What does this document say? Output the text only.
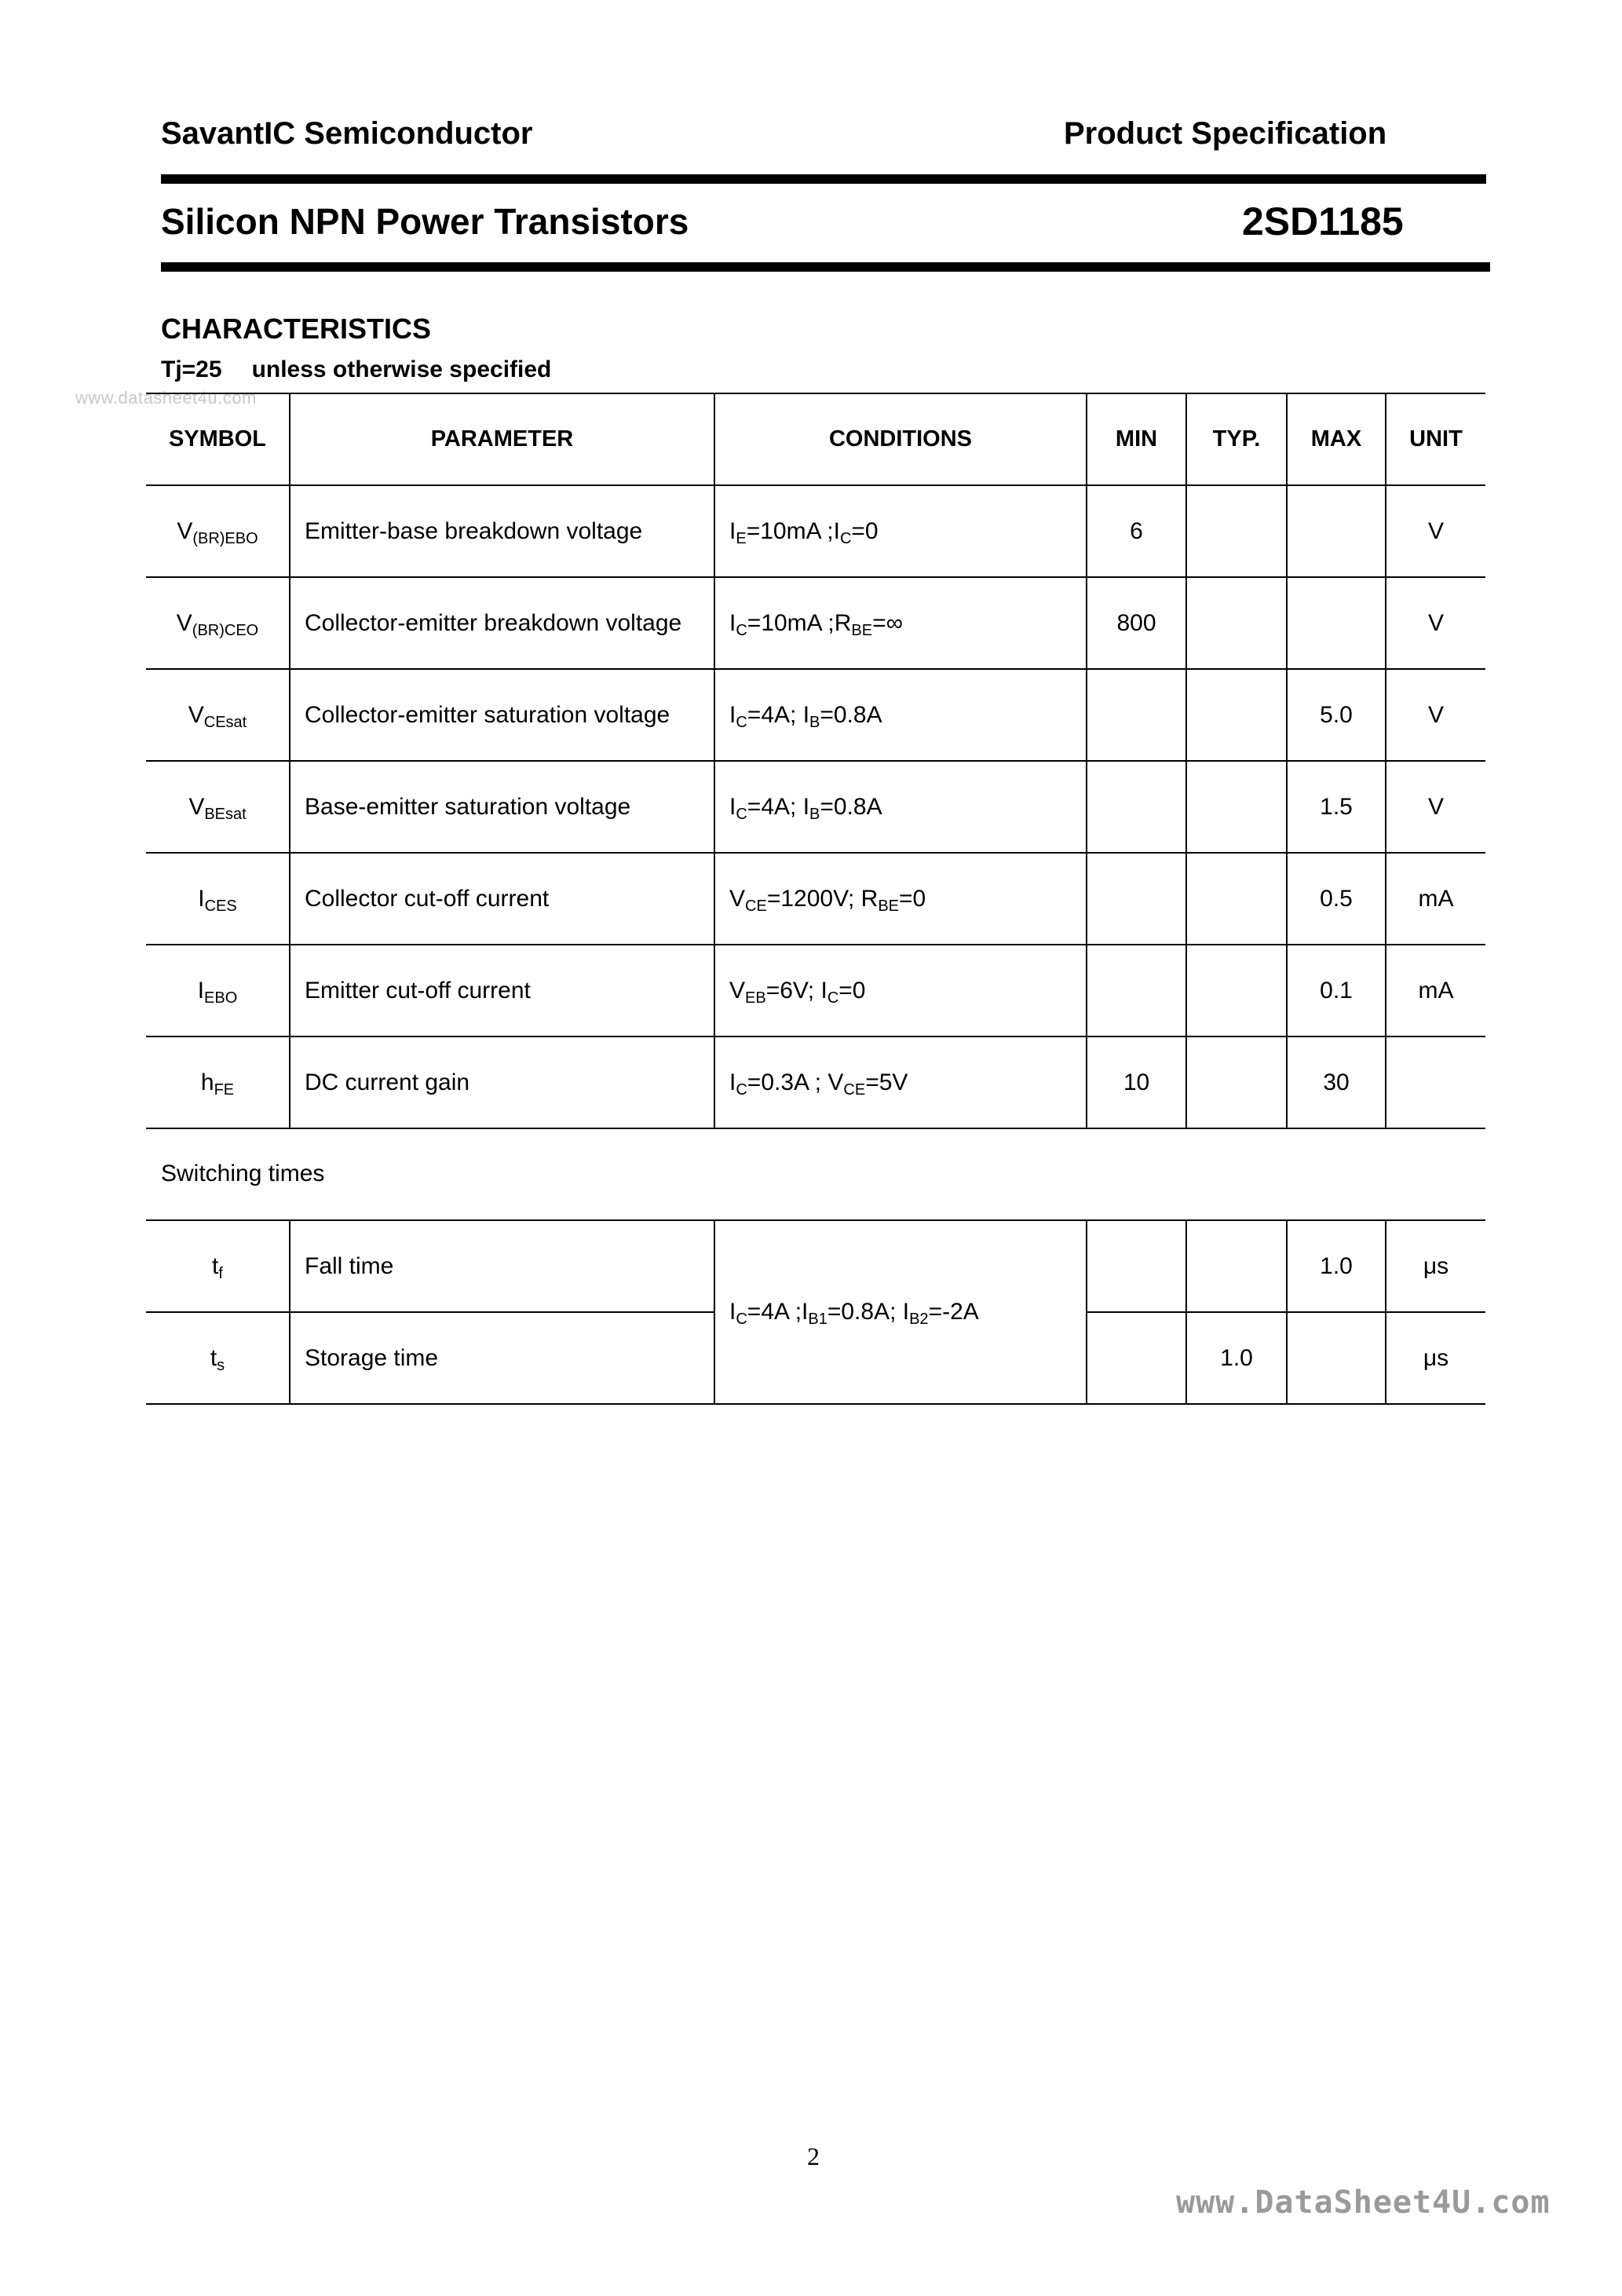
SavantIC Semiconductor	Product Specification
Silicon NPN Power Transistors	2SD1185
CHARACTERISTICS
Tj=25 unless otherwise specified
www.datasheet4u.com
SYMBOL	PARAMETER	CONDITIONS	MIN	TYP.	MAX	UNIT
$V_{(BR)EBO}$	Emitter-base breakdown voltage	$I_E=10mA$ $;I_C=0$	6			V
$V_{(BR)CEO}$	Collector-emitter breakdown voltage	$I_C=10mA$ $;R_{BE}=\infty$	800			V
$V_{CEsat}$	Collector-emitter saturation voltage	$I_C=4A$; $I_B=0.8A$			5.0	V
$V_{BEsat}$	Base-emitter saturation voltage	$I_C=4A$; $I_B=0.8A$			1.5	V
$I_{CES}$	Collector cut-off current	$V_{CE}=1200V$; $R_{BE}=0$			0.5	mA
$I_{EBO}$	Emitter cut-off current	$V_{EB}=6V$; $I_C=0$			0.1	mA
$h_{FE}$	DC current gain	$I_C=0.3A$ ; $V_{CE}=5V$	10		30	
Switching times
$t_f$	Fall time	$I_C=4A$ $;I_{B1}=0.8A$; $I_{B2}=-2A$			1.0	μs
$t_s$	Storage time			1.0		μs
2
www.DataSheet4U.com
